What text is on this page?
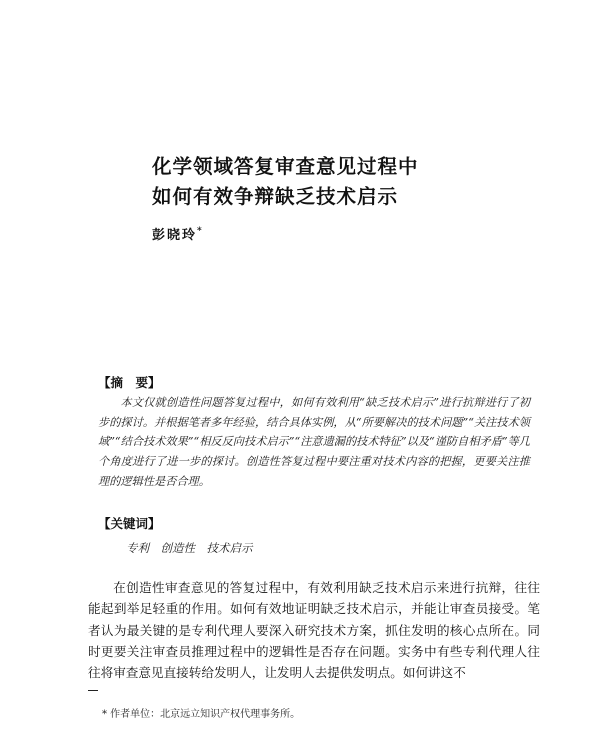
化学领域答复审查意见过程中
如何有效争辩缺乏技术启示
彭晓玲*
【摘　要】

本文仅就创造性问题答复过程中，如何有效利用“缺乏技术启示”进行抗辩进行了初步的探讨。并根据笔者多年经验，结合具体实例，从“所要解决的技术问题”“关注技术领域”“结合技术效果”“相反反向技术启示”“注意遗漏的技术特征”以及“谨防自相矛盾”等几个角度进行了进一步的探讨。创造性答复过程中要注重对技术内容的把握，更要关注推理的逻辑性是否合理。

【关键词】
专利　创造性　技术启示

在创造性审查意见的答复过程中，有效利用缺乏技术启示来进行抗辩，往往能起到举足轻重的作用。如何有效地证明缺乏技术启示，并能让审查员接受。笔者认为最关键的是专利代理人要深入研究技术方案，抓住发明的核心点所在。同时更要关注审查员推理过程中的逻辑性是否存在问题。实务中有些专利代理人往往将审查意见直接转给发明人，让发明人去提供发明点。如何讲这不

* 作者单位：北京远立知识产权代理事务所。
